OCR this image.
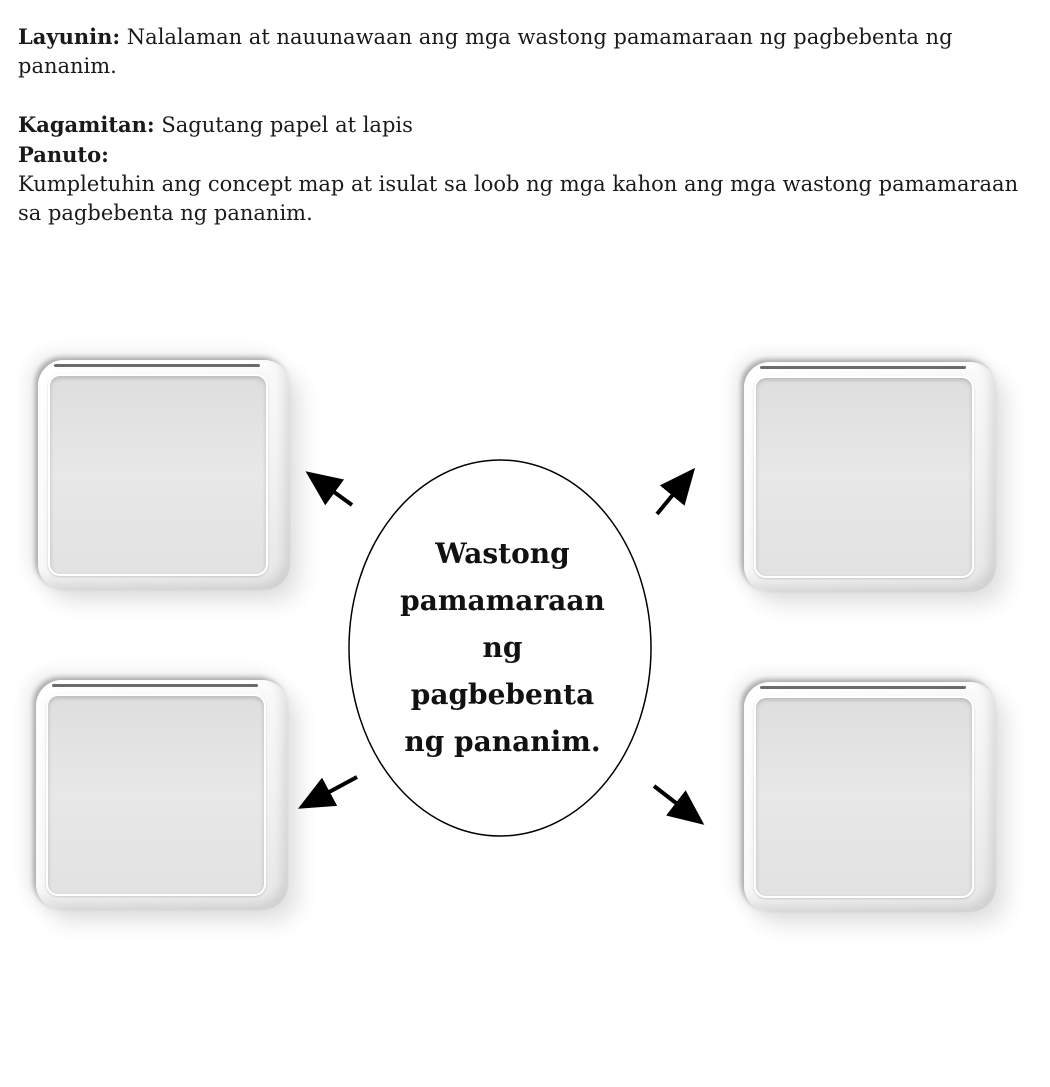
Layunin: Nalalaman at nauunawaan ang mga wastong pamamaraan ng pagbebenta ng pananim.

Kagamitan: Sagutang papel at lapis

Panuto:

Kumpletuhin ang concept map at isulat sa loob ng mga kahon ang mga wastong pamamaraan sa pagbebenta ng pananim.

Wastong
pamamaraan
ng
pagbebenta
ng pananim.
